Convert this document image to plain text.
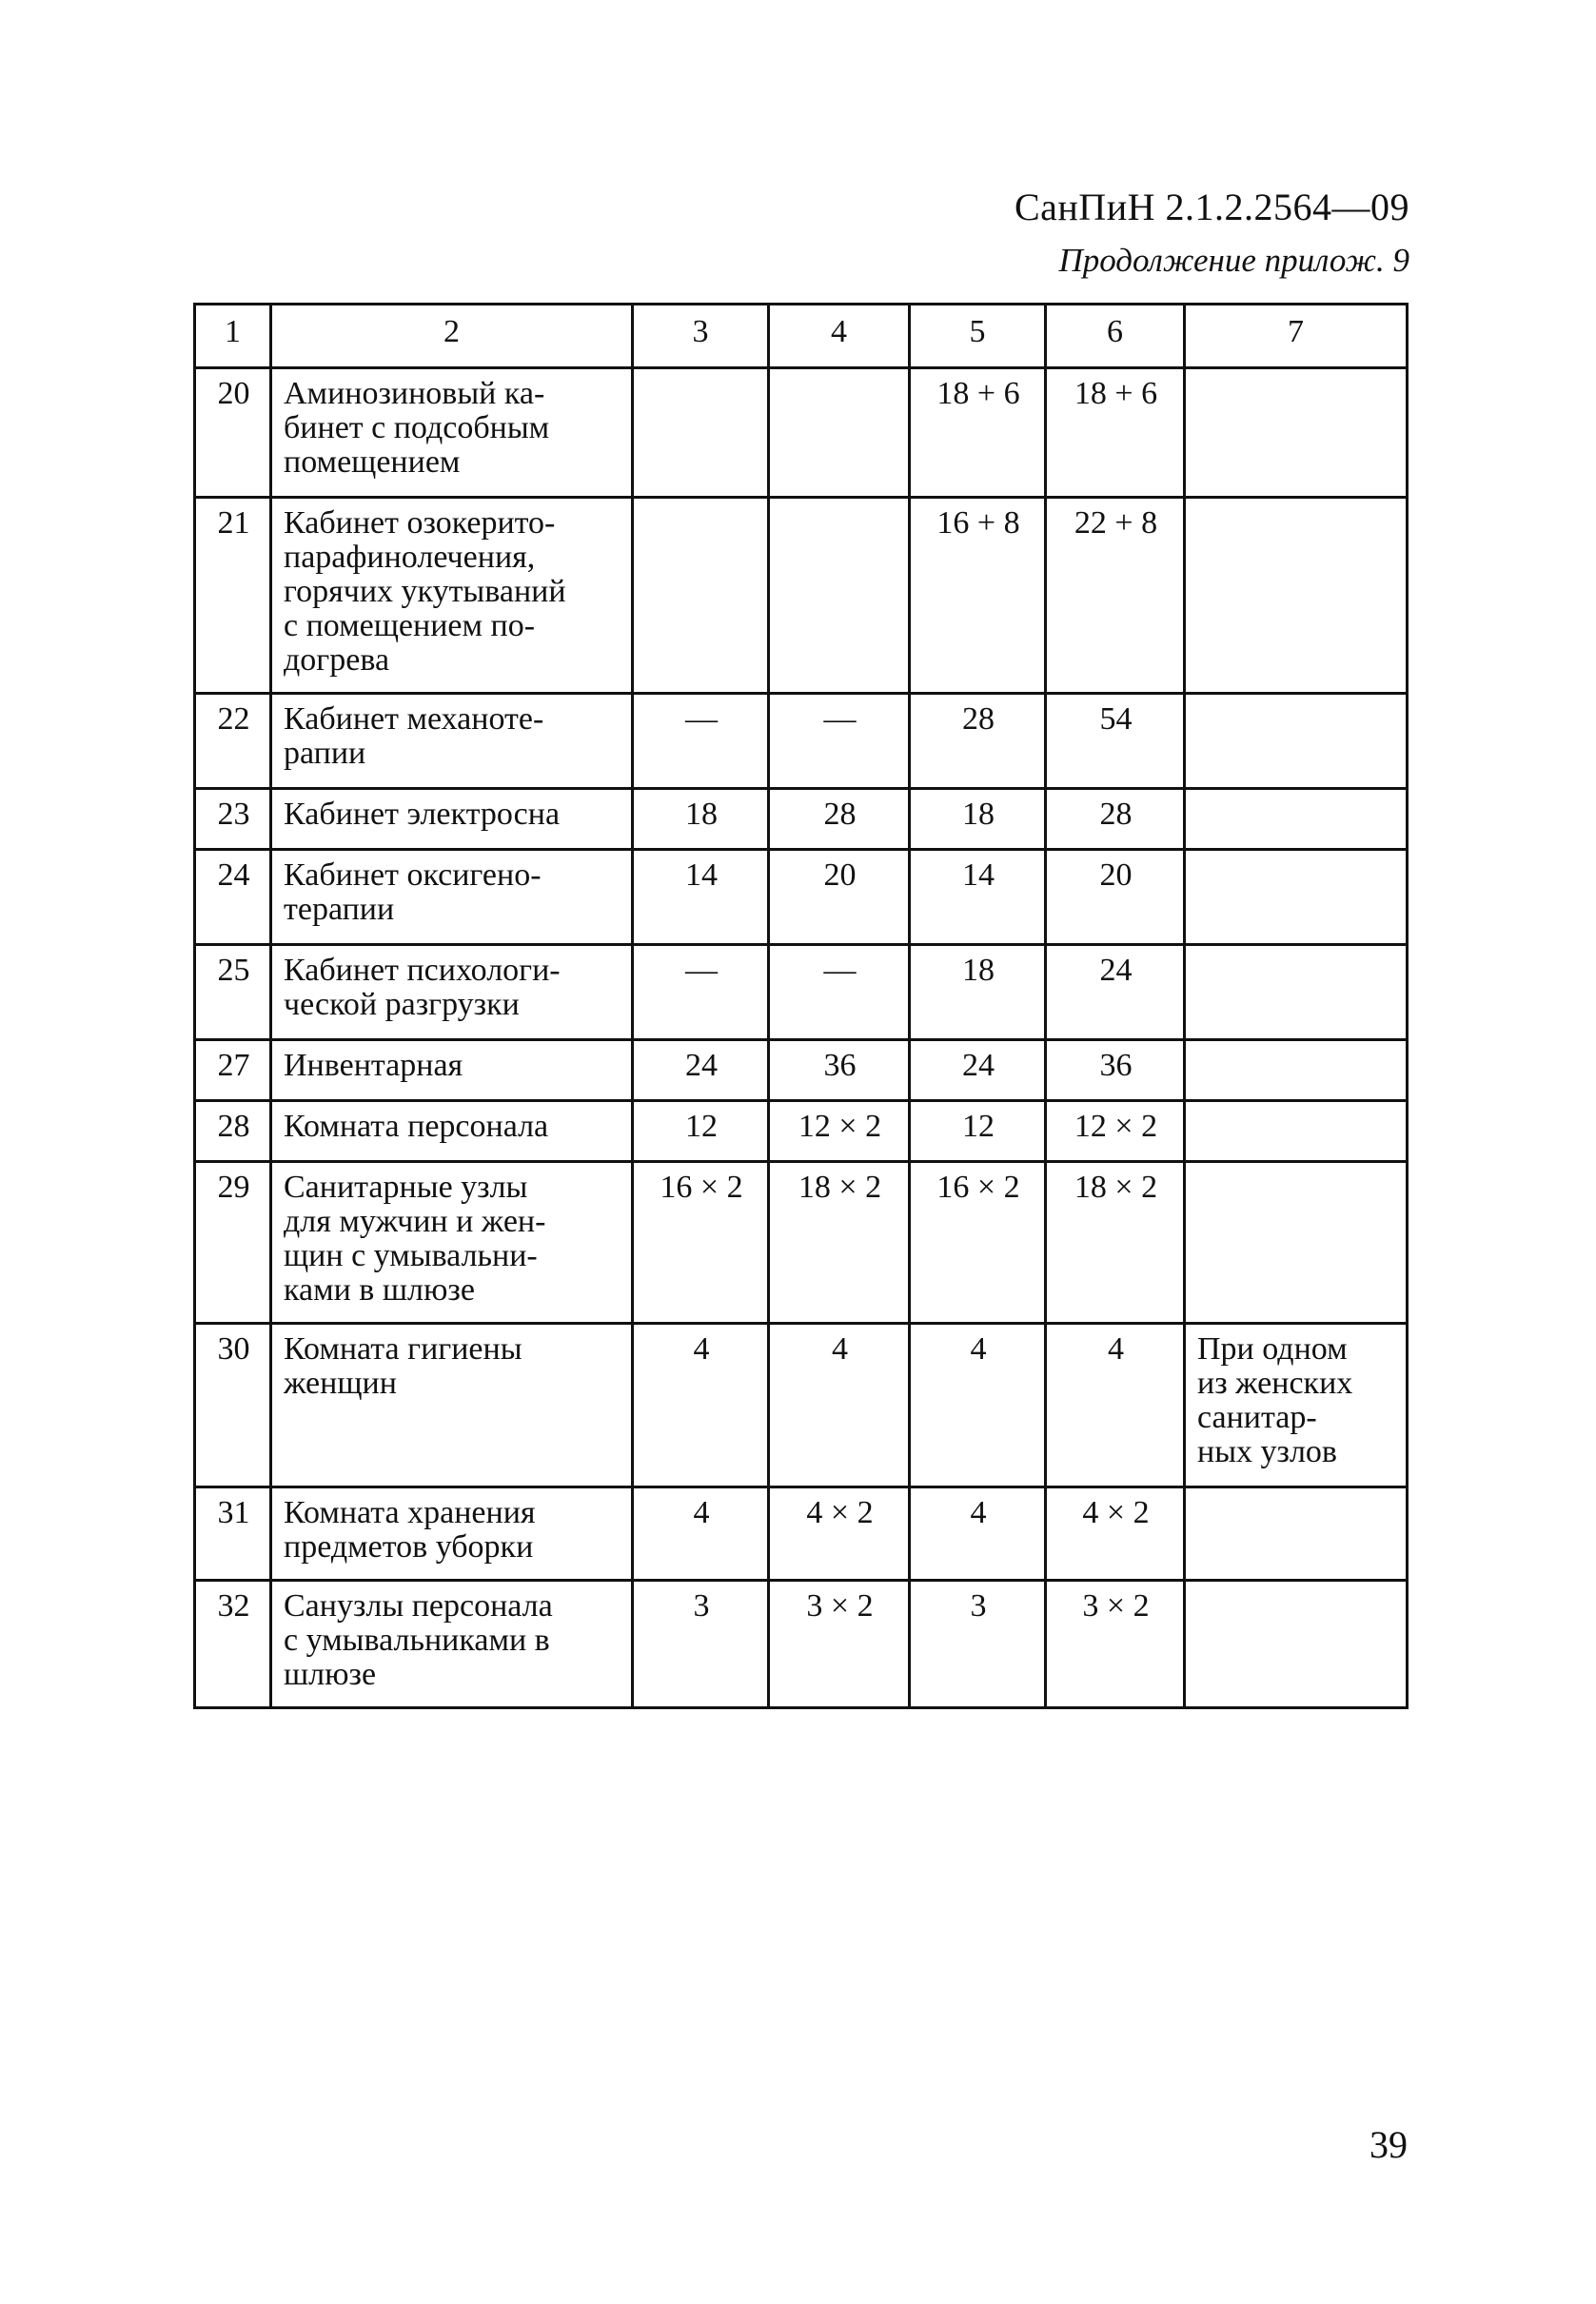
СанПиН 2.1.2.2564—09
Продолжение прилож. 9
1	2	3	4	5	6	7
20	Аминозиновый ка-
бинет с подсобным
помещением			18 + 6	18 + 6	
21	Кабинет озокерито-
парафинолечения,
горячих укутываний
с помещением по-
догрева			16 + 8	22 + 8	
22	Кабинет механоте-
рапии	—	—	28	54	
23	Кабинет электросна	18	28	18	28	
24	Кабинет оксигено-
терапии	14	20	14	20	
25	Кабинет психологи-
ческой разгрузки	—	—	18	24	
27	Инвентарная	24	36	24	36	
28	Комната персонала	12	12 × 2	12	12 × 2	
29	Санитарные узлы
для мужчин и жен-
щин с умывальни-
ками в шлюзе	16 × 2	18 × 2	16 × 2	18 × 2	
30	Комната гигиены
женщин	4	4	4	4	При одном
из женских
санитар-
ных узлов
31	Комната хранения
предметов уборки	4	4 × 2	4	4 × 2	
32	Санузлы персонала
с умывальниками в
шлюзе	3	3 × 2	3	3 × 2	
39
